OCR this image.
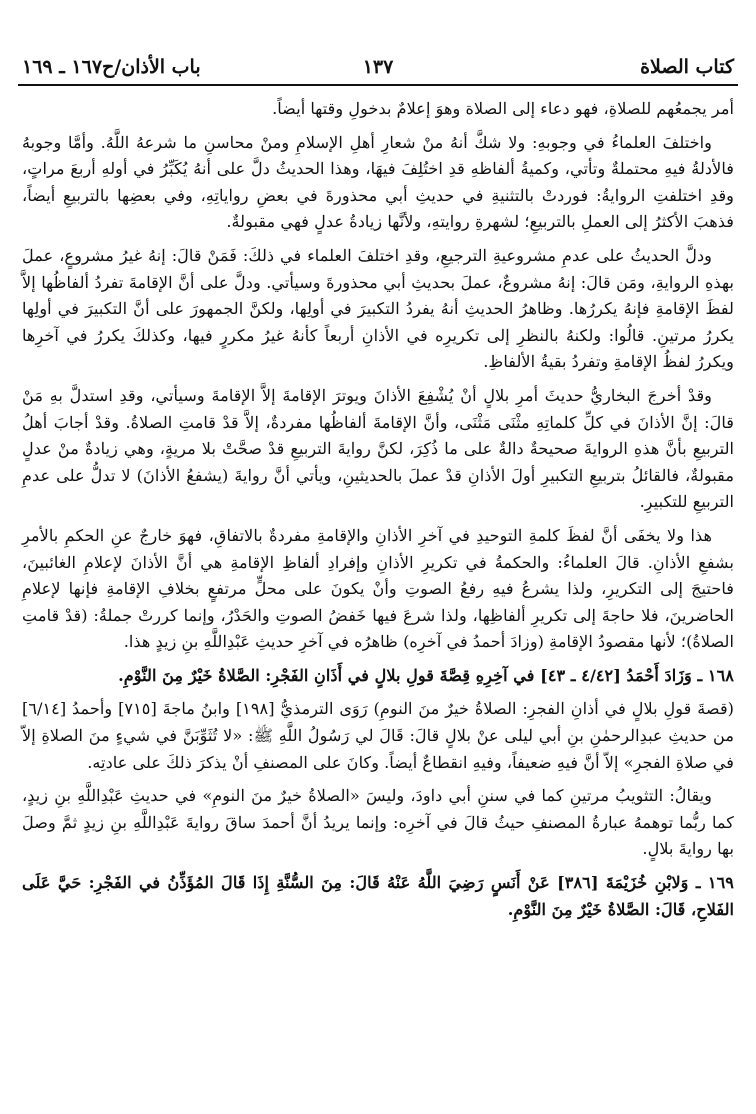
كتاب الصلاة
١٣٧
باب الأذان/ح١٦٧ ـ ١٦٩

أمر يجمعُهم للصلاةِ، فهو دعاء إلى الصلاة وهوَ إعلامٌ بدخولِ وقتها أيضاً.

واختلفَ العلماءُ في وجوبهِ: ولا شكَّ أنهُ منْ شعارِ أهلِ الإسلامِ ومنْ محاسنِ ما شرعهُ اللَّهُ. وأمَّا وجوبهُ فالأدلةُ فيهِ محتملةٌ وتأتي، وكميةُ ألفاظهِ قدِ اختُلِفَ فيهَا، وهذا الحديثُ دلَّ على أنهُ يُكَبِّرُ في أولهِ أربعَ مراتٍ، وقدِ اختلفتِ الروايةُ: فوردتْ بالتثنيةِ في حديثِ أبي محذورةَ في بعضِ رواياتِهِ، وفي بعضِها بالتربيعِ أيضاً، فذهبَ الأكثرُ إلى العملِ بالتربيعِ؛ لشهرةِ روايتهِ، ولأنَّها زيادةُ عدلٍ فهي مقبولةٌ.

ودلَّ الحديثُ على عدمِ مشروعيةِ الترجيعِ، وقدِ اختلفَ العلماء في ذلكَ: فَمَنْ قالَ: إنهُ غيرُ مشروعٍ، عملَ بهذهِ الروايةِ، ومَن قالَ: إنهُ مشروعٌ، عملَ بحديثِ أبي محذورةَ وسيأتي. ودلَّ على أنَّ الإقامةَ تفردُ ألفاظُها إلاَّ لفظَ الإقامةِ فإنهُ يكررُها. وظاهرُ الحديثِ أنهُ يفردُ التكبيرَ في أولِها، ولكنَّ الجمهورَ على أنَّ التكبيرَ في أولِها يكررُ مرتينِ. قالُوا: ولكنهُ بالنظرِ إلى تكريرِه في الأذانِ أربعاً كأنهُ غيرُ مكررٍ فيها، وكذلكَ يكررُ في آخرِها ويكررُ لفظُ الإقامةِ وتفردُ بقيةُ الألفاظِ.

وقدْ أخرجَ البخاريُّ حديثَ أمرِ بلالٍ أنْ يُشْفِعَ الأذانَ ويوترَ الإقامةَ إلاَّ الإقامةَ وسيأتي، وقدِ استدلَّ بهِ مَنْ قالَ: إنَّ الأذانَ في كلِّ كلماتِهِ مثْنَى مَثْنَى، وأنَّ الإقامةَ ألفاظُها مفردةٌ، إلاَّ قدْ قامتِ الصلاةُ. وقدْ أجابَ أهلُ التربيعِ بأنَّ هذهِ الروايةَ صحيحةٌ دالةٌ على ما ذُكِرَ، لكنَّ روايةَ التربيعِ قدْ صحَّتْ بلا مريةٍ، وهي زيادةٌ منْ عدلٍ مقبولةٌ، فالقائلُ بتربيعِ التكبيرِ أولَ الأذانِ قدْ عملَ بالحديثينِ، ويأتي أنَّ روايةَ (يشفعُ الأذانَ) لا تدلُّ على عدمِ التربيعِ للتكبيرِ.

هذا ولا يخفَى أنَّ لفظَ كلمةِ التوحيدِ في آخرِ الأذانِ والإقامةِ مفردةٌ بالاتفاقِ، فهوَ خارجٌ عنِ الحكمِ بالأمرِ بشفعِ الأذانِ. قالَ العلماءُ: والحكمةُ في تكريرِ الأذانِ وإفرادِ ألفاظِ الإقامةِ هي أنَّ الأذانَ لإعلامِ الغائبينَ، فاحتيجَ إلى التكريرِ، ولذا يشرعُ فيهِ رفعُ الصوتِ وأنْ يكونَ على محلٍّ مرتفعٍ بخلافِ الإقامةِ فإنها لإعلامِ الحاضرينَ، فلا حاجةَ إلى تكريرِ ألفاظِها، ولذا شرعَ فيها خَفضُ الصوتِ والحَدْرُ، وإنما كررتْ جملةُ: (قدْ قامتِ الصلاةُ)؛ لأنها مقصودُ الإقامةِ (وزادَ أحمدُ في آخرِه) ظاهرُه في آخرِ حديثِ عَبْدِاللَّهِ بنِ زيدٍ هذا.

١٦٨ ـ وَزَادَ أَحْمَدُ [٤/٤٢ ـ ٤٣] في آخِرِهِ قِصَّةَ قولِ بلالٍ في أَذَانِ الفَجْرِ: الصَّلاةُ خَيْرٌ مِنَ النَّوْمِ.

(قصةَ قولِ بلالٍ في أذانِ الفجرِ: الصلاةُ خيرٌ منَ النومِ) رَوَى الترمذيُّ [١٩٨] وابنُ ماجةَ [٧١٥] وأحمدُ [٦/١٤] من حديثِ عبدِالرحمٰنِ بنِ أبي ليلى عنْ بلالٍ قالَ: قَالَ لي رَسُولُ اللَّهِ ﷺ: «لا تُثَوِّبَنَّ في شيءٍ منَ الصلاةِ إلاّ في صلاةِ الفجرِ» إلاّ أنَّ فيهِ ضعيفاً، وفيهِ انقطاعٌ أيضاً. وكانَ على المصنفِ أنْ يذكرَ ذلكَ على عادتِه.

ويقالُ: التثويبُ مرتينِ كما في سننِ أبي داودَ، وليسَ «الصلاةُ خيرٌ منَ النومِ» في حديثِ عَبْدِاللَّهِ بنِ زيدٍ، كما ربُّما توهمهُ عبارةُ المصنفِ حيثُ قالَ في آخرِه: وإنما يريدُ أنَّ أحمدَ ساقَ روايةَ عَبْدِاللَّهِ بنِ زيدٍ ثمَّ وصلَ بها روايةَ بلالٍ.

١٦٩ ـ وَلابْنِ خُزَيْمَةَ [٣٨٦] عَنْ أَنَسٍ رَضِيَ اللَّهُ عَنْهُ قَالَ: مِنَ السُّنَّةِ إِذَا قَالَ المُؤَذِّنُ في الفَجْرِ: حَيَّ عَلَى الفَلاحِ، قَالَ: الصَّلاةُ خَيْرٌ مِنَ النَّوْمِ.
